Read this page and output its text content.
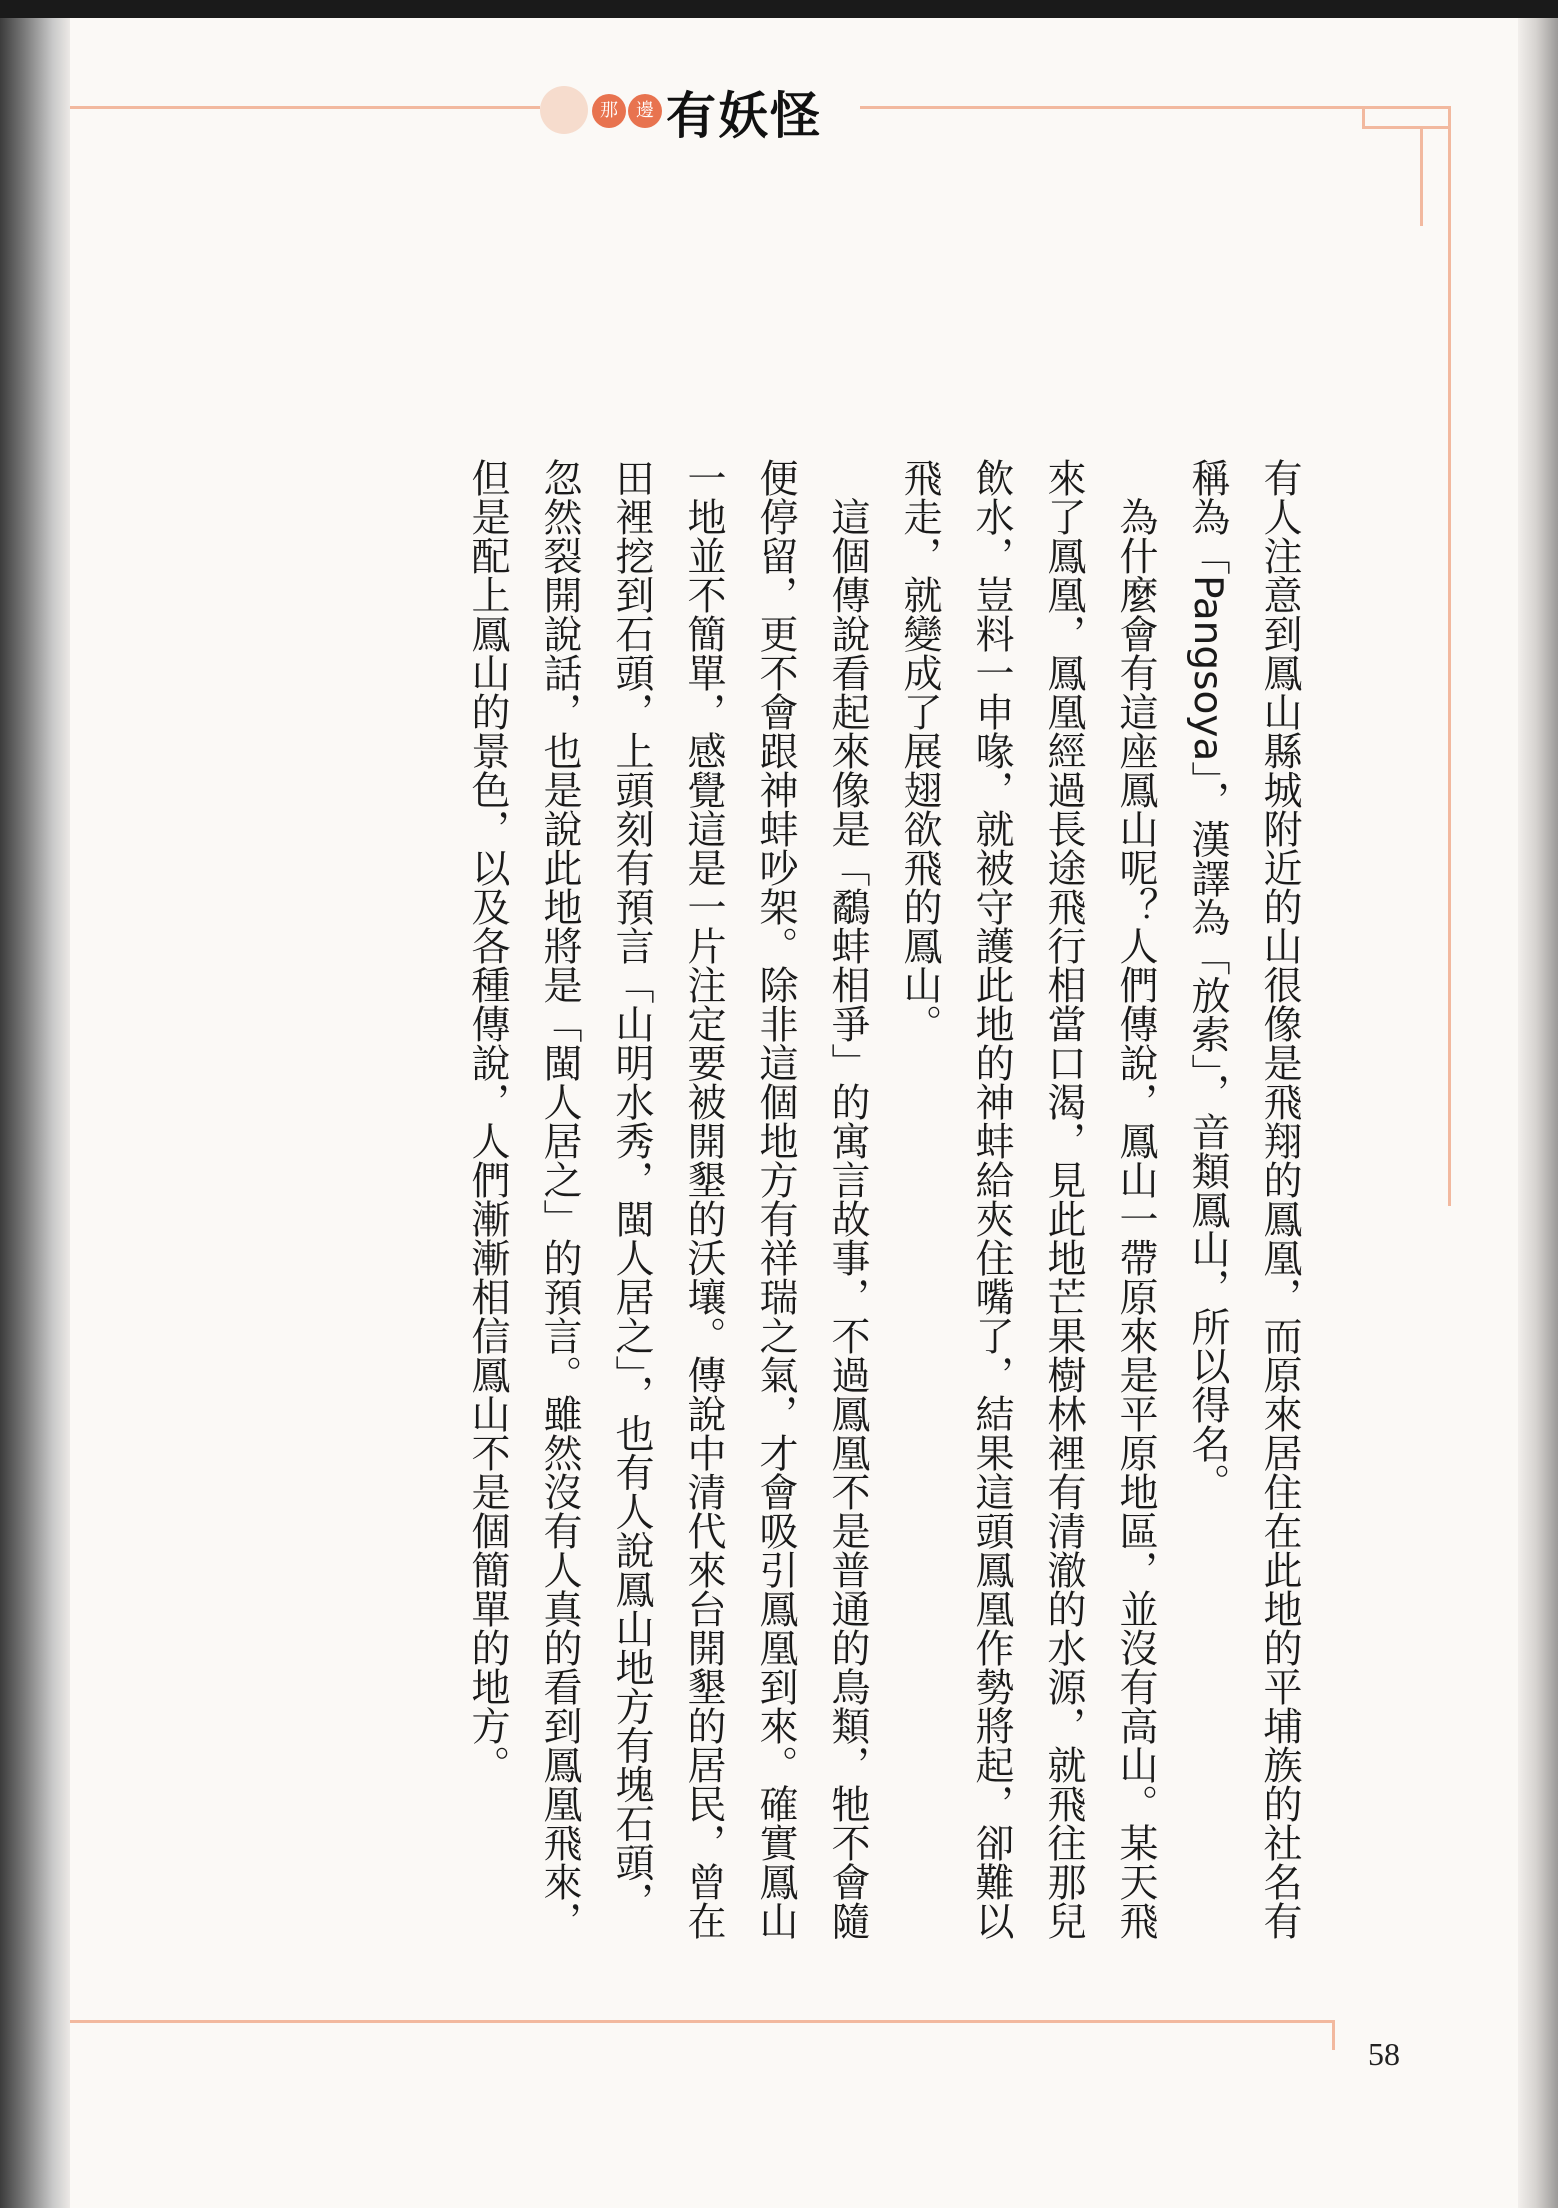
那	邊 有妖怪

有人注意到鳳山縣城附近的山很像是飛翔的鳳凰，而原來居住在此地的平埔族的社名有稱為「Pangsoya」，漢譯為「放索」，音類鳳山，所以得名。

為什麼會有這座鳳山呢？人們傳說，鳳山一帶原來是平原地區，並沒有高山。某天飛來了鳳凰，鳳凰經過長途飛行相當口渴，見此地芒果樹林裡有清澈的水源，就飛往那兒飲水，豈料一申喙，就被守護此地的神蚌給夾住嘴了，結果這頭鳳凰作勢將起，卻難以飛走，就變成了展翅欲飛的鳳山。

這個傳說看起來像是「鷸蚌相爭」的寓言故事，不過鳳凰不是普通的鳥類，牠不會隨便停留，更不會跟神蚌吵架。除非這個地方有祥瑞之氣，才會吸引鳳凰到來。確實鳳山一地並不簡單，感覺這是一片注定要被開墾的沃壤。傳說中清代來台開墾的居民，曾在田裡挖到石頭，上頭刻有預言「山明水秀，閩人居之」，也有人說鳳山地方有塊石頭，忽然裂開說話，也是說此地將是「閩人居之」的預言。雖然沒有人真的看到鳳凰飛來，但是配上鳳山的景色，以及各種傳說，人們漸漸相信鳳山不是個簡單的地方。

58
